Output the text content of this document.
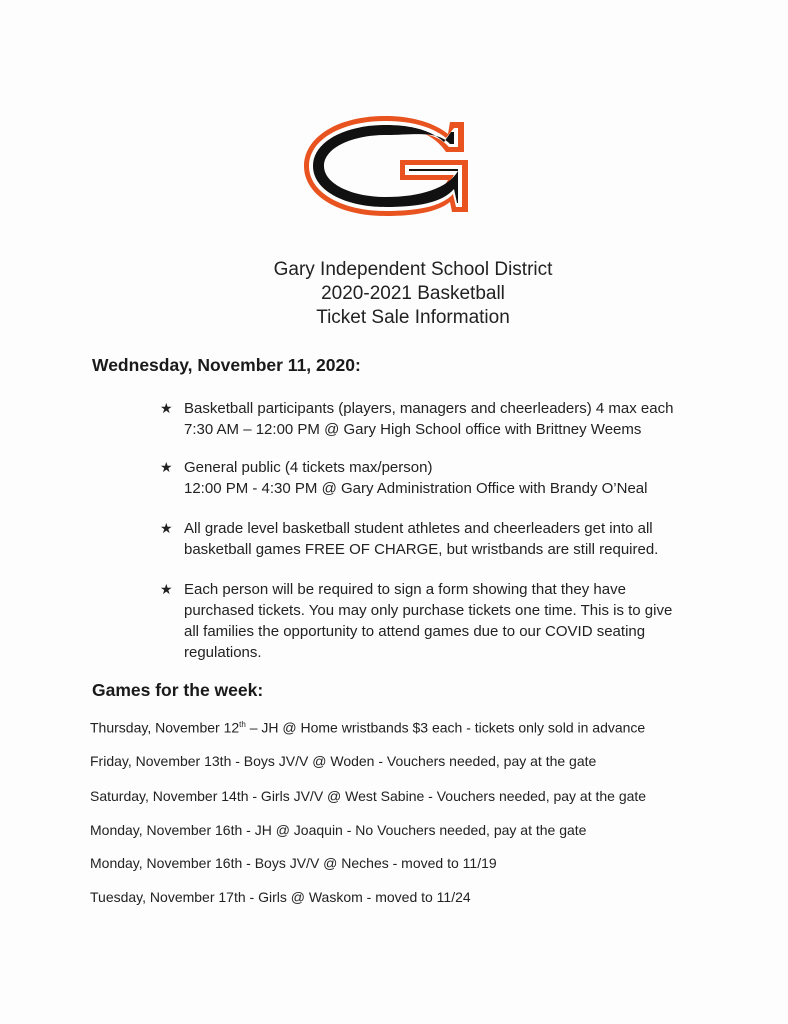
Gary Independent School District
2020-2021 Basketball
Ticket Sale Information
Wednesday, November 11, 2020:
★ Basketball participants (players, managers and cheerleaders) 4 max each
7:30 AM – 12:00 PM @ Gary High School office with Brittney Weems
★ General public (4 tickets max/person)
12:00 PM - 4:30 PM @ Gary Administration Office with Brandy O’Neal
★ All grade level basketball student athletes and cheerleaders get into all
basketball games FREE OF CHARGE, but wristbands are still required.
★ Each person will be required to sign a form showing that they have
purchased tickets. You may only purchase tickets one time. This is to give
all families the opportunity to attend games due to our COVID seating
regulations.
Games for the week:
Thursday, November 12th – JH @ Home wristbands $3 each - tickets only sold in advance
Friday, November 13th - Boys JV/V @ Woden - Vouchers needed, pay at the gate
Saturday, November 14th - Girls JV/V @ West Sabine - Vouchers needed, pay at the gate
Monday, November 16th - JH @ Joaquin - No Vouchers needed, pay at the gate
Monday, November 16th - Boys JV/V @ Neches - moved to 11/19
Tuesday, November 17th - Girls @ Waskom - moved to 11/24
